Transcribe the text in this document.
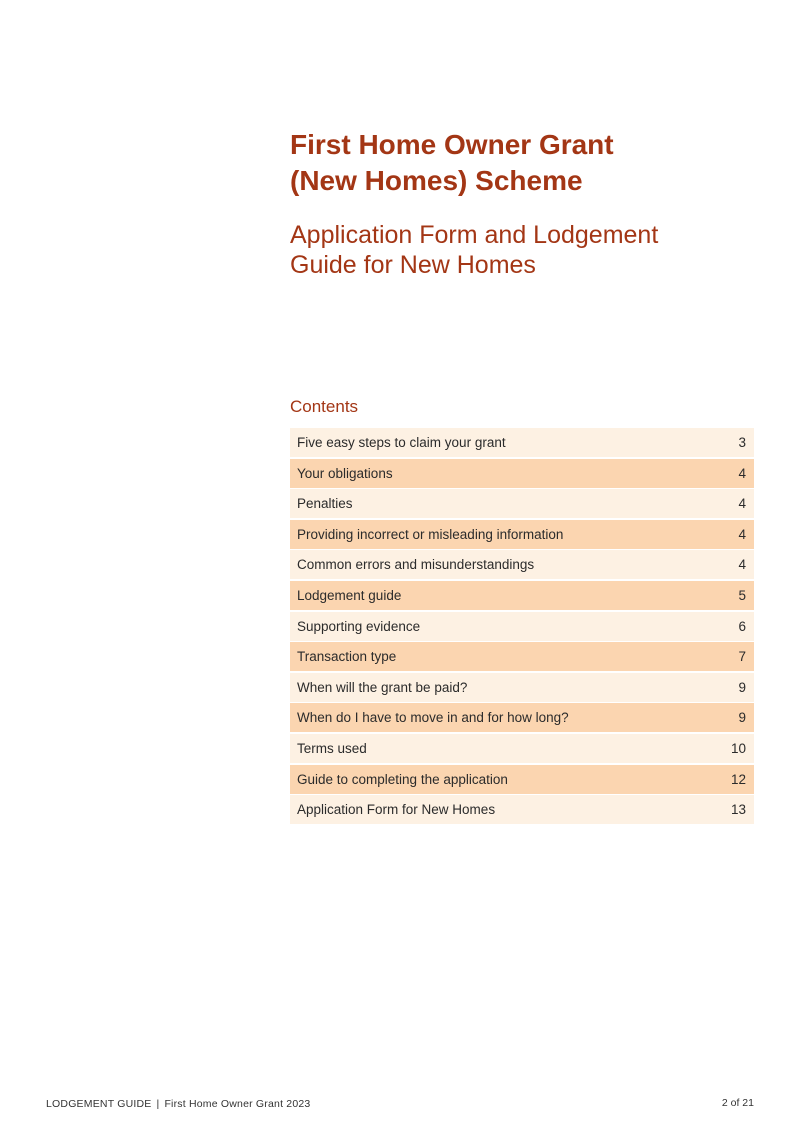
First Home Owner Grant
(New Homes) Scheme
Application Form and Lodgement
Guide for New Homes
Contents
Five easy steps to claim your grant	3
Your obligations	4
Penalties	4
Providing incorrect or misleading information	4
Common errors and misunderstandings	4
Lodgement guide	5
Supporting evidence	6
Transaction type	7
When will the grant be paid?	9
When do I have to move in and for how long?	9
Terms used	10
Guide to completing the application	12
Application Form for New Homes	13
LODGEMENT GUIDE | First Home Owner Grant 2023	2 of 21
